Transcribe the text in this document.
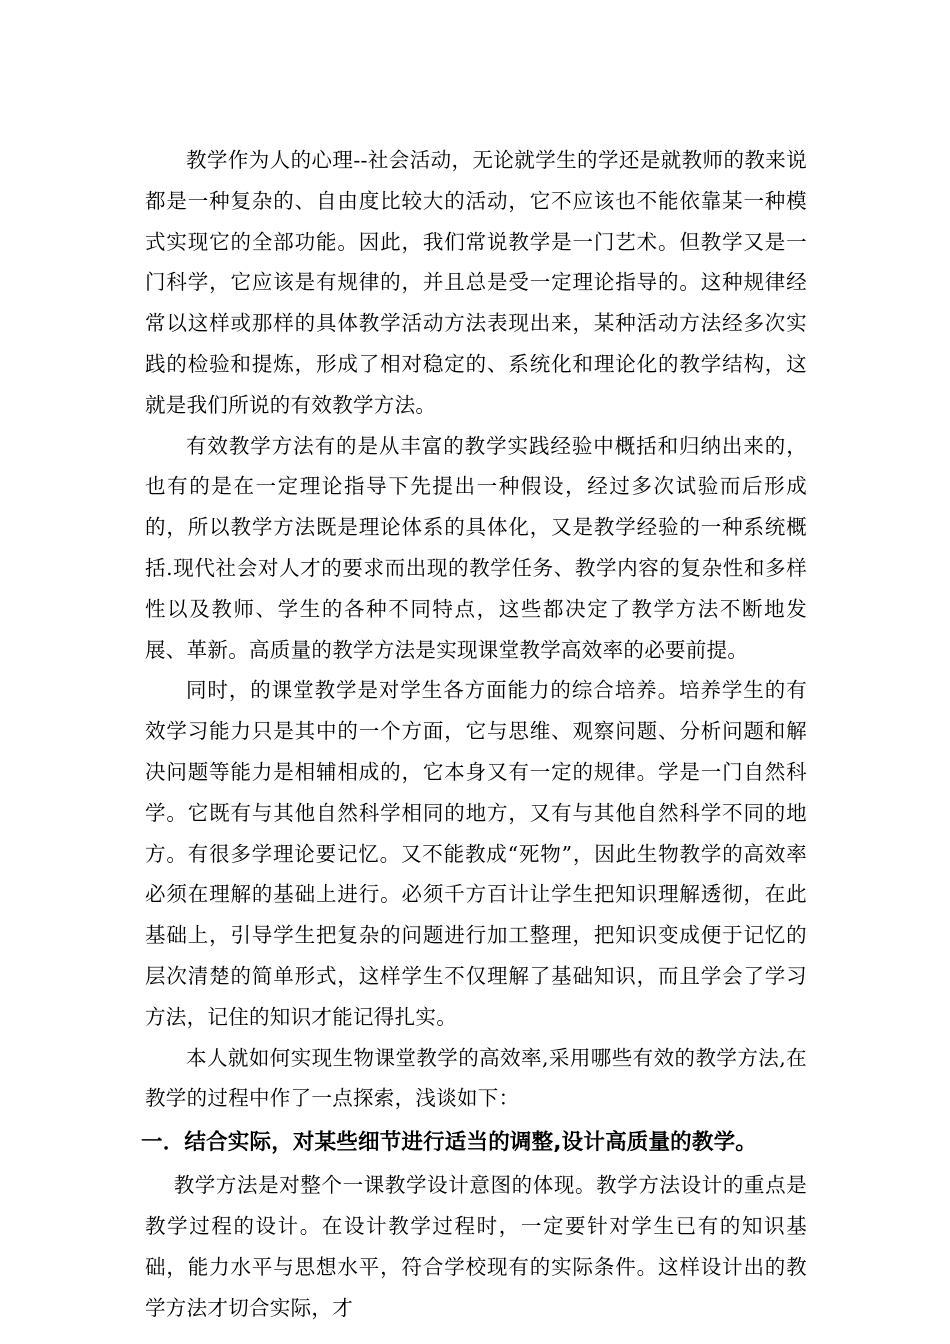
教学作为人的心理--社会活动，无论就学生的学还是就教师的教来说都是一种复杂的、自由度比较大的活动，它不应该也不能依靠某一种模式实现它的全部功能。因此，我们常说教学是一门艺术。但教学又是一门科学，它应该是有规律的，并且总是受一定理论指导的。这种规律经常以这样或那样的具体教学活动方法表现出来，某种活动方法经多次实践的检验和提炼，形成了相对稳定的、系统化和理论化的教学结构，这就是我们所说的有效教学方法。

有效教学方法有的是从丰富的教学实践经验中概括和归纳出来的，也有的是在一定理论指导下先提出一种假设，经过多次试验而后形成的，所以教学方法既是理论体系的具体化，又是教学经验的一种系统概括.现代社会对人才的要求而出现的教学任务、教学内容的复杂性和多样性以及教师、学生的各种不同特点，这些都决定了教学方法不断地发展、革新。高质量的教学方法是实现课堂教学高效率的必要前提。

同时，的课堂教学是对学生各方面能力的综合培养。培养学生的有效学习能力只是其中的一个方面，它与思维、观察问题、分析问题和解决问题等能力是相辅相成的，它本身又有一定的规律。学是一门自然科学。它既有与其他自然科学相同的地方，又有与其他自然科学不同的地方。有很多学理论要记忆。又不能教成“死物”，因此生物教学的高效率必须在理解的基础上进行。必须千方百计让学生把知识理解透彻，在此基础上，引导学生把复杂的问题进行加工整理，把知识变成便于记忆的层次清楚的简单形式，这样学生不仅理解了基础知识，而且学会了学习方法，记住的知识才能记得扎实。

本人就如何实现生物课堂教学的高效率,采用哪些有效的教学方法,在教学的过程中作了一点探索，浅谈如下：

一．结合实际，对某些细节进行适当的调整,设计高质量的教学。

教学方法是对整个一课教学设计意图的体现。教学方法设计的重点是教学过程的设计。在设计教学过程时，一定要针对学生已有的知识基础，能力水平与思想水平，符合学校现有的实际条件。这样设计出的教学方法才切合实际，才
